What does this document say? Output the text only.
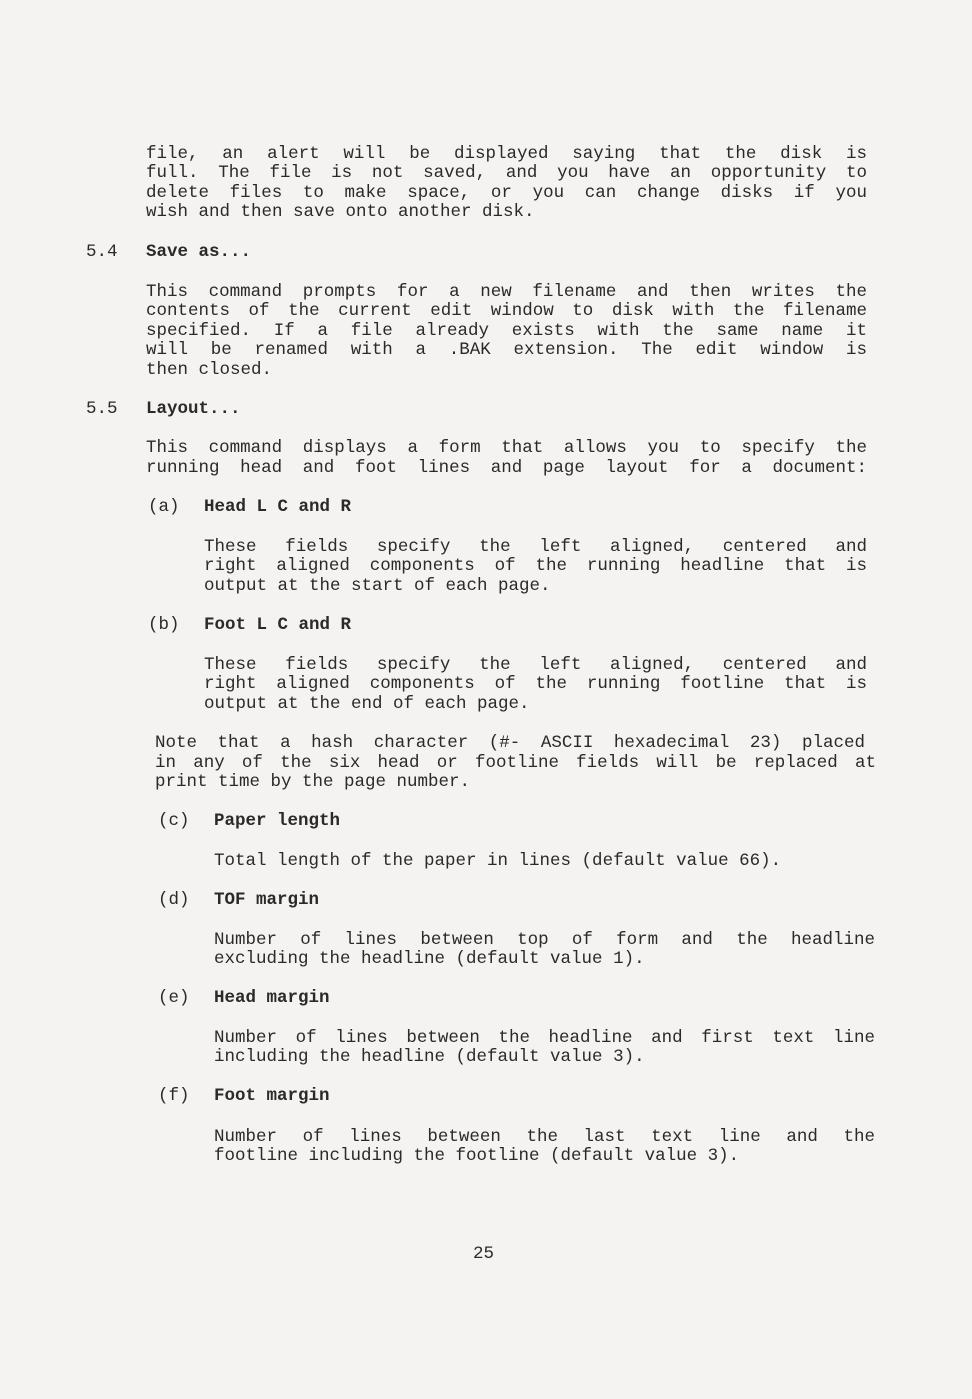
file, an alert will be displayed saying that the disk is
full. The file is not saved, and you have an opportunity to
delete files to make space, or you can change disks if you
wish and then save onto another disk.
5.4 Save as...
This command prompts for a new filename and then writes the
contents of the current edit window to disk with the filename
specified. If a file already exists with the same name it
will be renamed with a .BAK extension. The edit window is
then closed.
5.5 Layout...
This command displays a form that allows you to specify the
running head and foot lines and page layout for a document:
(a) Head L C and R
These fields specify the left aligned, centered and
right aligned components of the running headline that is
output at the start of each page.
(b) Foot L C and R
These fields specify the left aligned, centered and
right aligned components of the running footline that is
output at the end of each page.
Note that a hash character (#- ASCII hexadecimal 23) placed
in any of the six head or footline fields will be replaced at
print time by the page number.
(c) Paper length
Total length of the paper in lines (default value 66).
(d) TOF margin
Number of lines between top of form and the headline
excluding the headline (default value 1).
(e) Head margin
Number of lines between the headline and first text line
including the headline (default value 3).
(f) Foot margin
Number of lines between the last text line and the
footline including the footline (default value 3).
25
